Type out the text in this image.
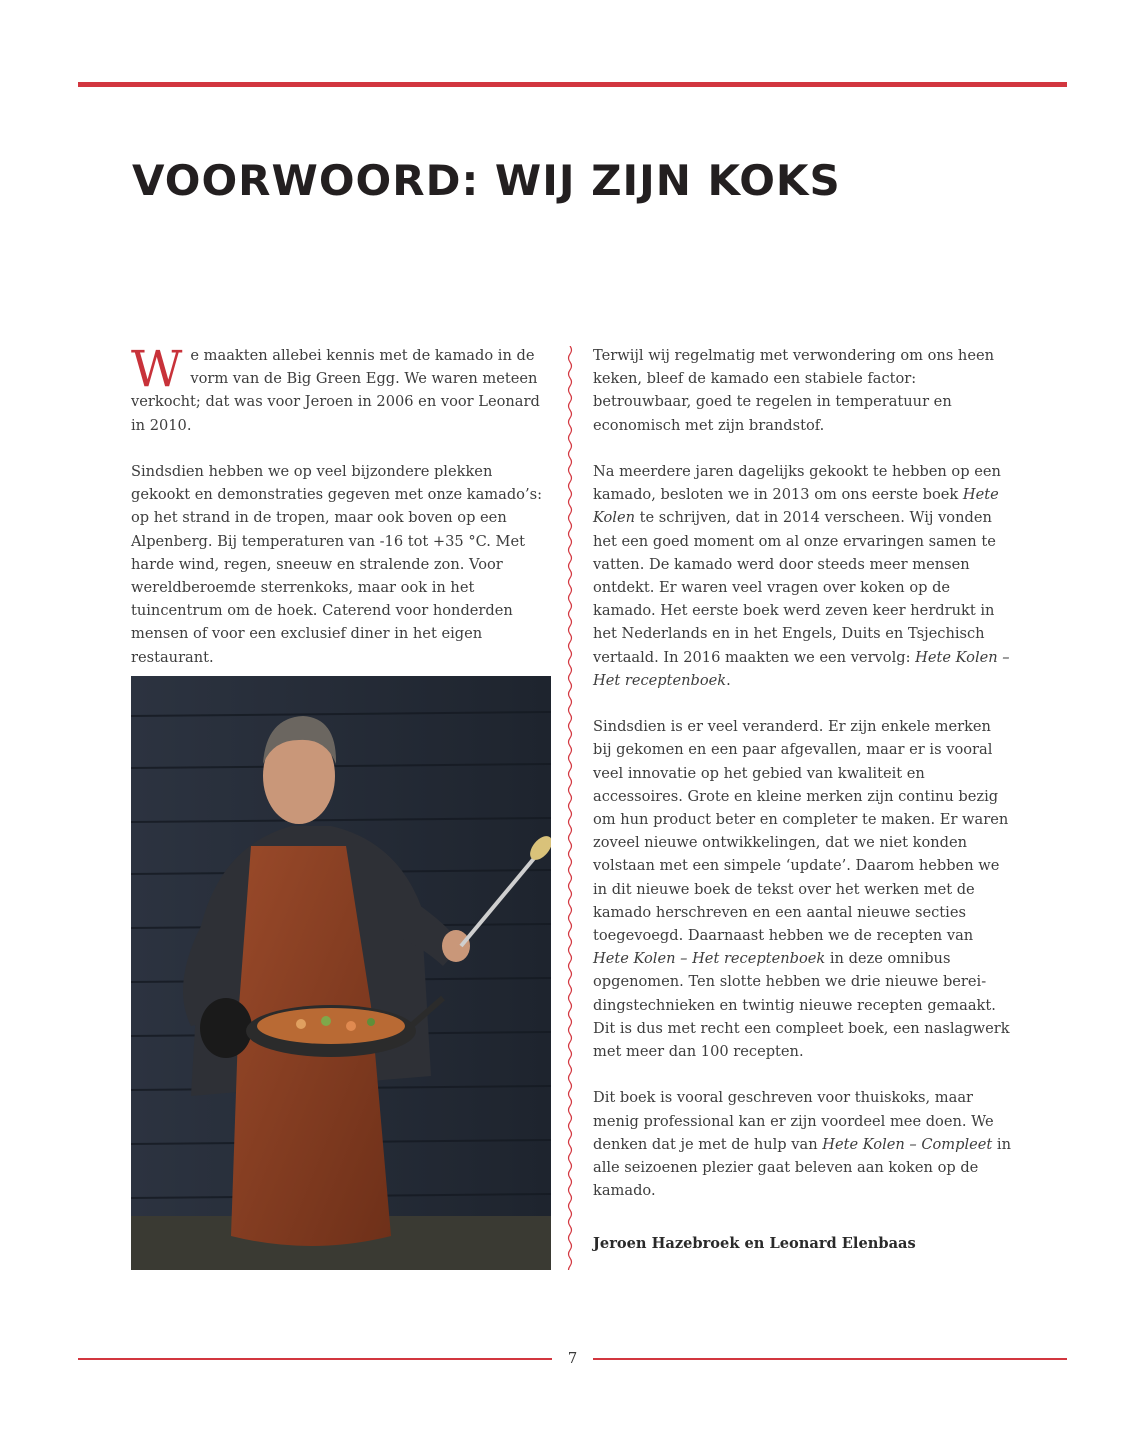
VOORWOORD: WIJ ZIJN KOKS

We maakten allebei kennis met de kamado in de vorm van de Big Green Egg. We waren meteen verkocht; dat was voor Jeroen in 2006 en voor Leonard in 2010.

Sindsdien hebben we op veel bijzondere plekken gekookt en demonstraties gegeven met onze kamado’s: op het strand in de tropen, maar ook boven op een Alpenberg. Bij temperaturen van -16 tot +35 °C. Met harde wind, regen, sneeuw en stralende zon. Voor wereldberoemde sterrenkoks, maar ook in het tuincentrum om de hoek. Caterend voor honderden mensen of voor een exclusief diner in het eigen restaurant.

Terwijl wij regelmatig met verwondering om ons heen keken, bleef de kamado een stabiele factor: betrouwbaar, goed te regelen in temperatuur en economisch met zijn brandstof.

Na meerdere jaren dagelijks gekookt te hebben op een kamado, besloten we in 2013 om ons eerste boek Hete Kolen te schrijven, dat in 2014 verscheen. Wij vonden het een goed moment om al onze ervaringen samen te vatten. De kamado werd door steeds meer mensen ontdekt. Er waren veel vragen over koken op de kamado. Het eerste boek werd zeven keer herdrukt in het Nederlands en in het Engels, Duits en Tsjechisch vertaald. In 2016 maakten we een vervolg: Hete Kolen – Het receptenboek.

Sindsdien is er veel veranderd. Er zijn enkele merken bij gekomen en een paar afgevallen, maar er is vooral veel innovatie op het gebied van kwaliteit en accessoires. Grote en kleine merken zijn continu bezig om hun product beter en completer te maken. Er waren zoveel nieuwe ontwikkelingen, dat we niet konden volstaan met een simpele ‘update’. Daarom hebben we in dit nieuwe boek de tekst over het werken met de kamado herschreven en een aantal nieuwe secties toegevoegd. Daarnaast hebben we de recepten van Hete Kolen – Het receptenboek in deze omnibus opgenomen. Ten slotte hebben we drie nieuwe bereidingstechnieken en twintig nieuwe recepten gemaakt. Dit is dus met recht een compleet boek, een naslagwerk met meer dan 100 recepten.

Dit boek is vooral geschreven voor thuiskoks, maar menig professional kan er zijn voordeel mee doen. We denken dat je met de hulp van Hete Kolen – Compleet in alle seizoenen plezier gaat beleven aan koken op de kamado.

Jeroen Hazebroek en Leonard Elenbaas

7
